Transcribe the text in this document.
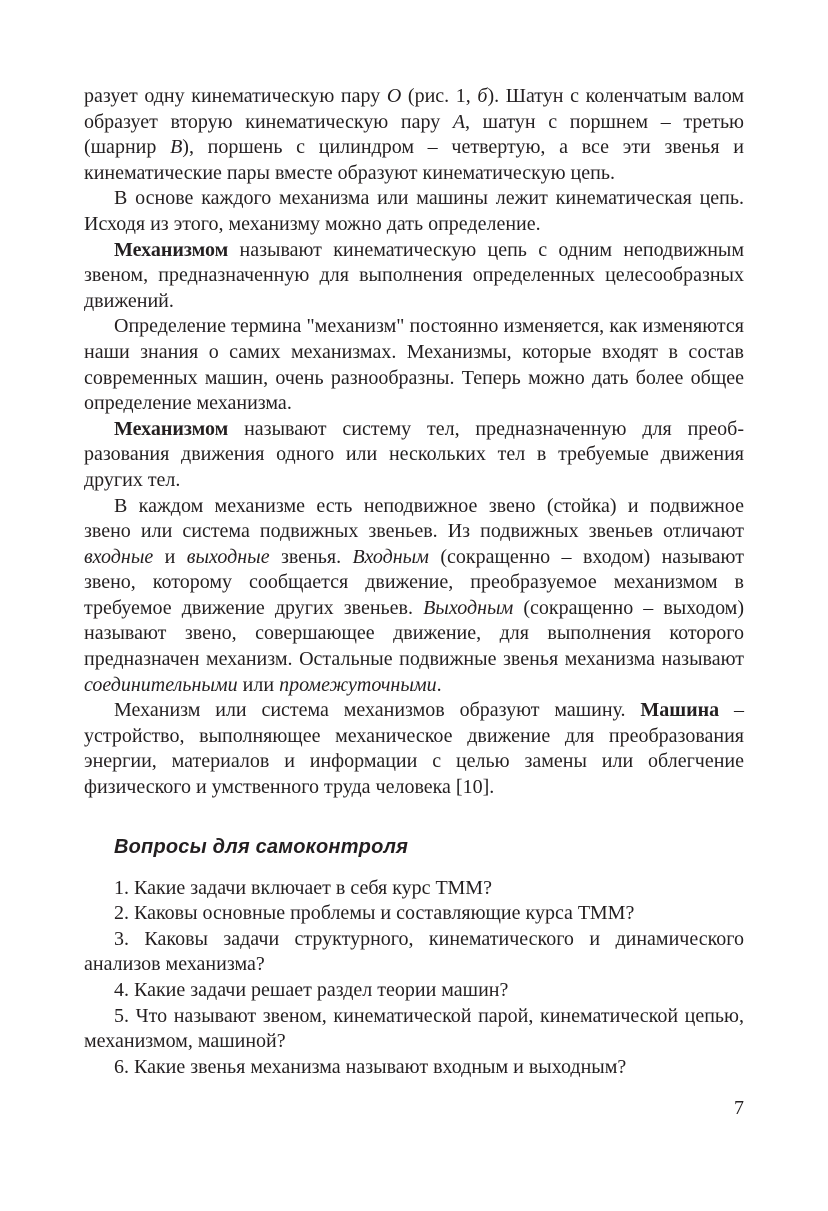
разует одну кинематическую пару O (рис. 1, б). Шатун с коленчатым валом образует вторую кинематическую пару A, шатун с поршнем – третью (шарнир B), поршень с цилиндром – четвертую, а все эти звенья и кинематические пары вместе образуют кинематическую цепь.

В основе каждого механизма или машины лежит кинематическая цепь. Исходя из этого, механизму можно дать определение.

Механизмом называют кинематическую цепь с одним неподвижным звеном, предназначенную для выполнения определенных целесообразных движений.

Определение термина "механизм" постоянно изменяется, как изменяются наши знания о самих механизмах. Механизмы, которые входят в состав современных машин, очень разнообразны. Теперь можно дать более общее определение механизма.

Механизмом называют систему тел, предназначенную для преобразования движения одного или нескольких тел в требуемые движения других тел.

В каждом механизме есть неподвижное звено (стойка) и подвижное звено или система подвижных звеньев. Из подвижных звеньев отличают входные и выходные звенья. Входным (сокращенно – входом) называют звено, которому сообщается движение, преобразуемое механизмом в требуемое движение других звеньев. Выходным (сокращенно – выходом) называют звено, совершающее движение, для выполнения которого предназначен механизм. Остальные подвижные звенья механизма называют соединительными или промежуточными.

Механизм или система механизмов образуют машину. Машина – устройство, выполняющее механическое движение для преобразования энергии, материалов и информации с целью замены или облегчение физического и умственного труда человека [10].

Вопросы для самоконтроля

1. Какие задачи включает в себя курс ТММ?

2. Каковы основные проблемы и составляющие курса ТММ?

3. Каковы задачи структурного, кинематического и динамического анализов механизма?

4. Какие задачи решает раздел теории машин?

5. Что называют звеном, кинематической парой, кинематической цепью, механизмом, машиной?

6. Какие звенья механизма называют входным и выходным?

7
